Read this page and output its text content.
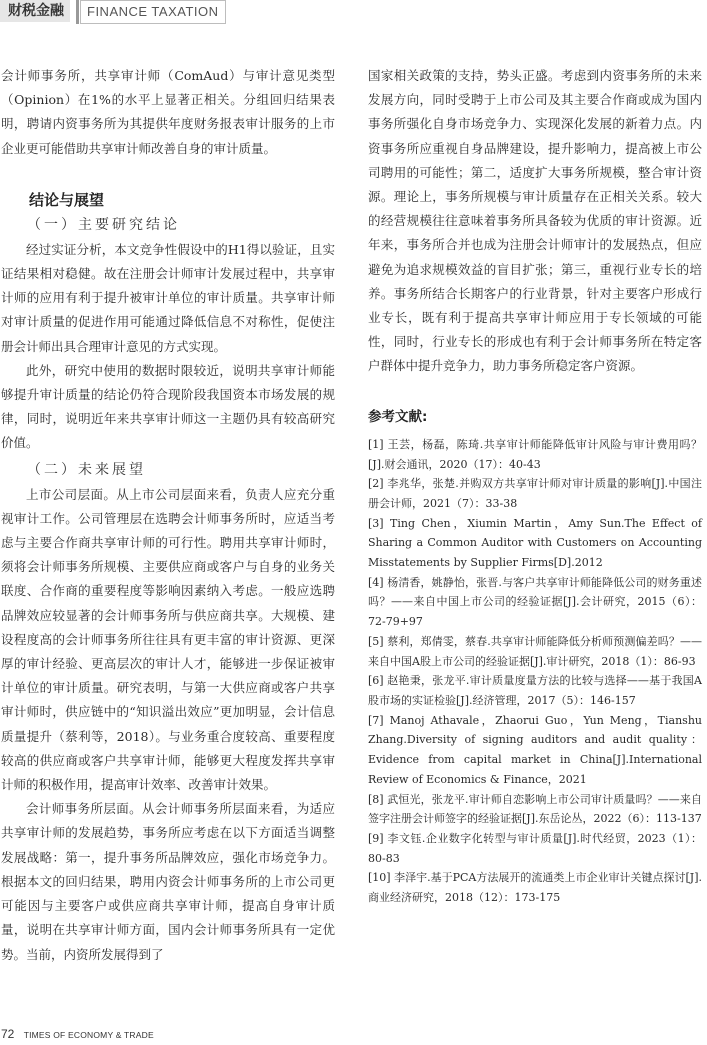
财税金融	FINANCE TAXATION

会计师事务所，共享审计师（ComAud）与审计意见类型（Opinion）在1%的水平上显著正相关。分组回归结果表明，聘请内资事务所为其提供年度财务报表审计服务的上市企业更可能借助共享审计师改善自身的审计质量。

结论与展望
（一）主要研究结论

经过实证分析，本文竞争性假设中的H1得以验证，且实证结果相对稳健。故在注册会计师审计发展过程中，共享审计师的应用有利于提升被审计单位的审计质量。共享审计师对审计质量的促进作用可能通过降低信息不对称性，促使注册会计师出具合理审计意见的方式实现。

此外，研究中使用的数据时限较近，说明共享审计师能够提升审计质量的结论仍符合现阶段我国资本市场发展的规律，同时，说明近年来共享审计师这一主题仍具有较高研究价值。

（二）未来展望

上市公司层面。从上市公司层面来看，负责人应充分重视审计工作。公司管理层在选聘会计师事务所时，应适当考虑与主要合作商共享审计师的可行性。聘用共享审计师时，须将会计师事务所规模、主要供应商或客户与自身的业务关联度、合作商的重要程度等影响因素纳入考虑。一般应选聘品牌效应较显著的会计师事务所与供应商共享。大规模、建设程度高的会计师事务所往往具有更丰富的审计资源、更深厚的审计经验、更高层次的审计人才，能够进一步保证被审计单位的审计质量。研究表明，与第一大供应商或客户共享审计师时，供应链中的“知识溢出效应”更加明显，会计信息质量提升（蔡利等，2018）。与业务重合度较高、重要程度较高的供应商或客户共享审计师，能够更大程度发挥共享审计师的积极作用，提高审计效率、改善审计效果。

会计师事务所层面。从会计师事务所层面来看，为适应共享审计师的发展趋势，事务所应考虑在以下方面适当调整发展战略：第一，提升事务所品牌效应，强化市场竞争力。根据本文的回归结果，聘用内资会计师事务所的上市公司更可能因与主要客户或供应商共享审计师，提高自身审计质量，说明在共享审计师方面，国内会计师事务所具有一定优势。当前，内资所发展得到了

国家相关政策的支持，势头正盛。考虑到内资事务所的未来发展方向，同时受聘于上市公司及其主要合作商或成为国内事务所强化自身市场竞争力、实现深化发展的新着力点。内资事务所应重视自身品牌建设，提升影响力，提高被上市公司聘用的可能性；第二，适度扩大事务所规模，整合审计资源。理论上，事务所规模与审计质量存在正相关关系。较大的经营规模往往意味着事务所具备较为优质的审计资源。近年来，事务所合并也成为注册会计师审计的发展热点，但应避免为追求规模效益的盲目扩张；第三，重视行业专长的培养。事务所结合长期客户的行业背景，针对主要客户形成行业专长，既有利于提高共享审计师应用于专长领域的可能性，同时，行业专长的形成也有利于会计师事务所在特定客户群体中提升竞争力，助力事务所稳定客户资源。

参考文献:

[1] 王芸，杨磊，陈琦.共享审计师能降低审计风险与审计费用吗？[J].财会通讯，2020（17）：40-43

[2] 李兆华，张楚.并购双方共享审计师对审计质量的影响[J].中国注册会计师，2021（7）：33-38

[3] Ting Chen，Xiumin Martin，Amy Sun.The Effect of Sharing a Common Auditor with Customers on Accounting Misstatements by Supplier Firms[D].2012

[4] 杨清香，姚静怡，张晋.与客户共享审计师能降低公司的财务重述吗？——来自中国上市公司的经验证据[J].会计研究，2015（6）：72-79+97

[5] 蔡利，郑倩雯，蔡春.共享审计师能降低分析师预测偏差吗？——来自中国A股上市公司的经验证据[J].审计研究，2018（1）：86-93

[6] 赵艳秉，张龙平.审计质量度量方法的比较与选择——基于我国A股市场的实证检验[J].经济管理，2017（5）：146-157

[7] Manoj Athavale，Zhaorui Guo，Yun Meng，Tianshu Zhang.Diversity of signing auditors and audit quality： Evidence from capital market in China[J].International Review of Economics & Finance，2021

[8] 武恒光，张龙平.审计师自恋影响上市公司审计质量吗？——来自签字注册会计师签字的经验证据[J].东岳论丛，2022（6）：113-137

[9] 李文钰.企业数字化转型与审计质量[J].时代经贸，2023（1）：80-83

[10] 李泽宇.基于PCA方法展开的流通类上市企业审计关键点探讨[J].商业经济研究，2018（12）：173-175

72 TIMES OF ECONOMY & TRADE
